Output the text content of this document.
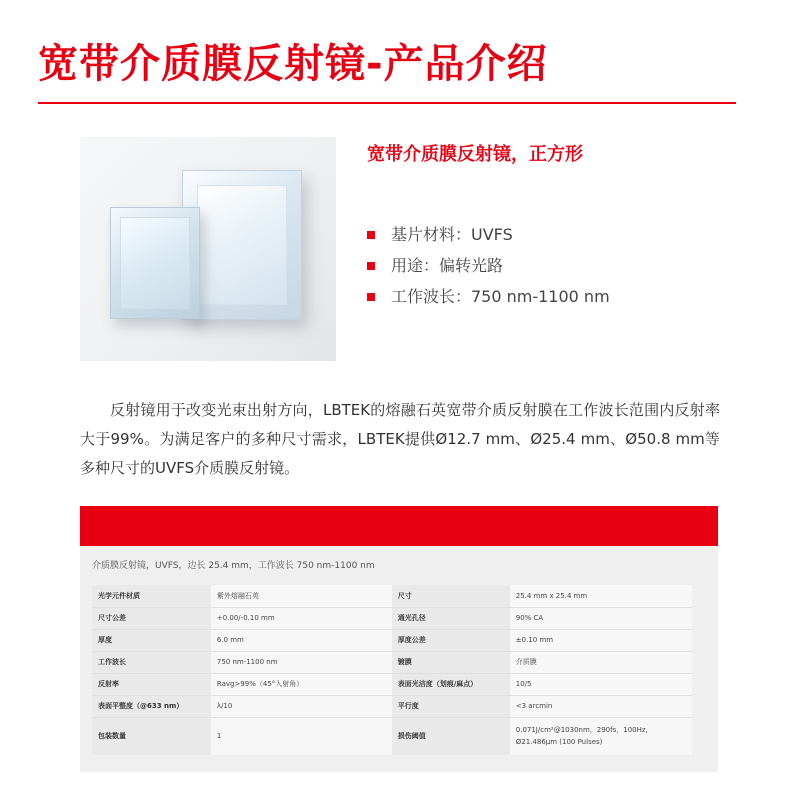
宽带介质膜反射镜-产品介绍
宽带介质膜反射镜，正方形
基片材料：UVFS
用途：偏转光路
工作波长：750 nm-1100 nm

反射镜用于改变光束出射方向，LBTEK的熔融石英宽带介质反射膜在工作波长范围内反射率大于99%。为满足客户的多种尺寸需求，LBTEK提供Ø12.7 mm、Ø25.4 mm、Ø50.8 mm等多种尺寸的UVFS介质膜反射镜。

介质膜反射镜，UVFS，边长 25.4 mm，工作波长 750 nm-1100 nm
光学元件材质	紫外熔融石英	尺寸	25.4 mm x 25.4 mm
尺寸公差	+0.00/-0.10 mm	通光孔径	90% CA
厚度	6.0 mm	厚度公差	±0.10 mm
工作波长	750 nm-1100 nm	镀膜	介质膜
反射率	Ravg>99%（45°入射角）	表面光洁度（划痕/麻点）	10/5
表面平整度（@633 nm）	λ/10	平行度	<3 arcmin
包装数量	1	损伤阈值	0.071J/cm²@1030nm，290fs，100Hz,
Ø21.486μm (100 Pulses)
